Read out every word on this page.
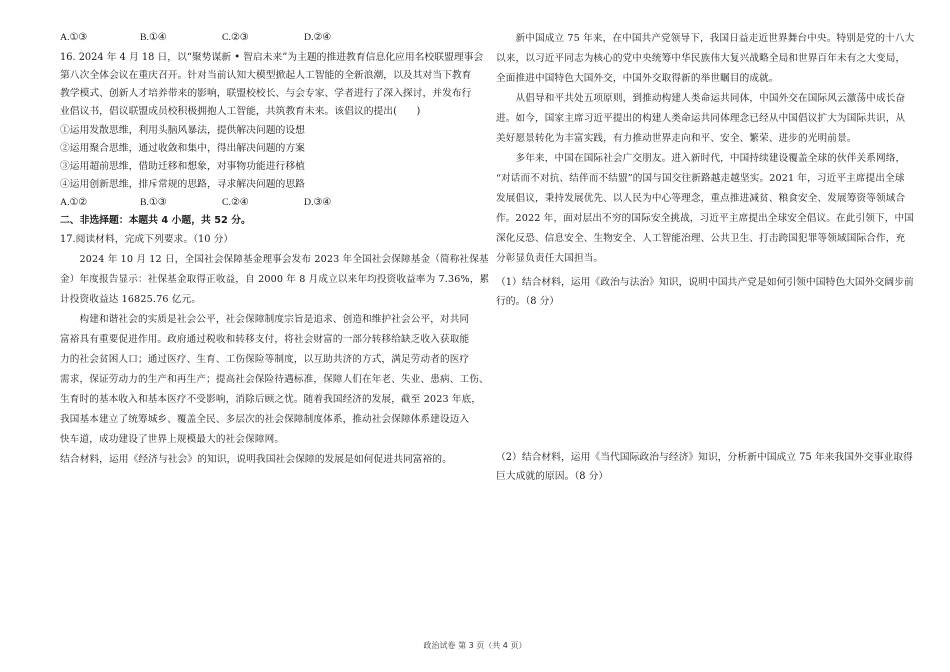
A.①③	B.①④	C.②③	D.②④
16. 2024 年 4 月 18 日，以“聚势谋新 • 智启未来”为主题的推进教育信息化应用名校联盟理事会
第八次全体会议在重庆召开。针对当前认知大模型掀起人工智能的全新浪潮，以及其对当下教育
教学模式、创新人才培养带来的影响，联盟校校长、与会专家、学者进行了深入探讨，并发布行
业倡议书，倡议联盟成员校积极拥抱人工智能，共筑教育未来。该倡议的提出(　　)
①运用发散思维，利用头脑风暴法，提供解决问题的设想
②运用聚合思维，通过收敛和集中，得出解决问题的方案
③运用超前思维，借助迁移和想象，对事物功能进行移植
④运用创新思维，排斥常规的思路，寻求解决问题的思路
A.①②	B.①③	C.②④	D.③④
二、非选择题：本题共 4 小题，共 52 分。
17.阅读材料，完成下列要求。（10 分）
　　2024 年 10 月 12 日，全国社会保障基金理事会发布 2023 年全国社会保障基金（简称社保基
金）年度报告显示：社保基金取得正收益，自 2000 年 8 月成立以来年均投资收益率为 7.36%，累
计投资收益达 16825.76 亿元。
　　构建和谐社会的实质是社会公平，社会保障制度宗旨是追求、创造和维护社会公平，对共同
富裕具有重要促进作用。政府通过税收和转移支付，将社会财富的一部分转移给缺乏收入获取能
力的社会贫困人口；通过医疗、生育、工伤保险等制度，以互助共济的方式，满足劳动者的医疗
需求，保证劳动力的生产和再生产；提高社会保险待遇标准，保障人们在年老、失业、患病、工伤、
生育时的基本收入和基本医疗不受影响，消除后顾之忧。随着我国经济的发展，截至 2023 年底，
我国基本建立了统筹城乡、覆盖全民、多层次的社会保障制度体系，推动社会保障体系建设迈入
快车道，成功建设了世界上规模最大的社会保障网。
结合材料，运用《经济与社会》的知识，说明我国社会保障的发展是如何促进共同富裕的。
　　新中国成立 75 年来，在中国共产党领导下，我国日益走近世界舞台中央。特别是党的十八大
以来，以习近平同志为核心的党中央统筹中华民族伟大复兴战略全局和世界百年未有之大变局，
全面推进中国特色大国外交，中国外交取得新的举世瞩目的成就。
　　从倡导和平共处五项原则，到推动构建人类命运共同体，中国外交在国际风云激荡中成长奋
进。如今，国家主席习近平提出的构建人类命运共同体理念已经从中国倡议扩大为国际共识，从
美好愿景转化为丰富实践，有力推动世界走向和平、安全、繁荣、进步的光明前景。
　　多年来，中国在国际社会广交朋友。进入新时代，中国持续建设覆盖全球的伙伴关系网络，
“对话而不对抗、结伴而不结盟”的国与国交往新路越走越坚实。2021 年，习近平主席提出全球
发展倡议，秉持发展优先、以人民为中心等理念，重点推进减贫、粮食安全、发展筹资等领域合
作。2022 年，面对层出不穷的国际安全挑战，习近平主席提出全球安全倡议。在此引领下，中国
深化反恐、信息安全、生物安全、人工智能治理、公共卫生、打击跨国犯罪等领域国际合作，充
分彰显负责任大国担当。
（1）结合材料，运用《政治与法治》知识，说明中国共产党是如何引领中国特色大国外交阔步前
行的。（8 分）
（2）结合材料，运用《当代国际政治与经济》知识，分析新中国成立 75 年来我国外交事业取得
巨大成就的原因。（8 分）
政治试卷 第 3 页（共 4 页）
